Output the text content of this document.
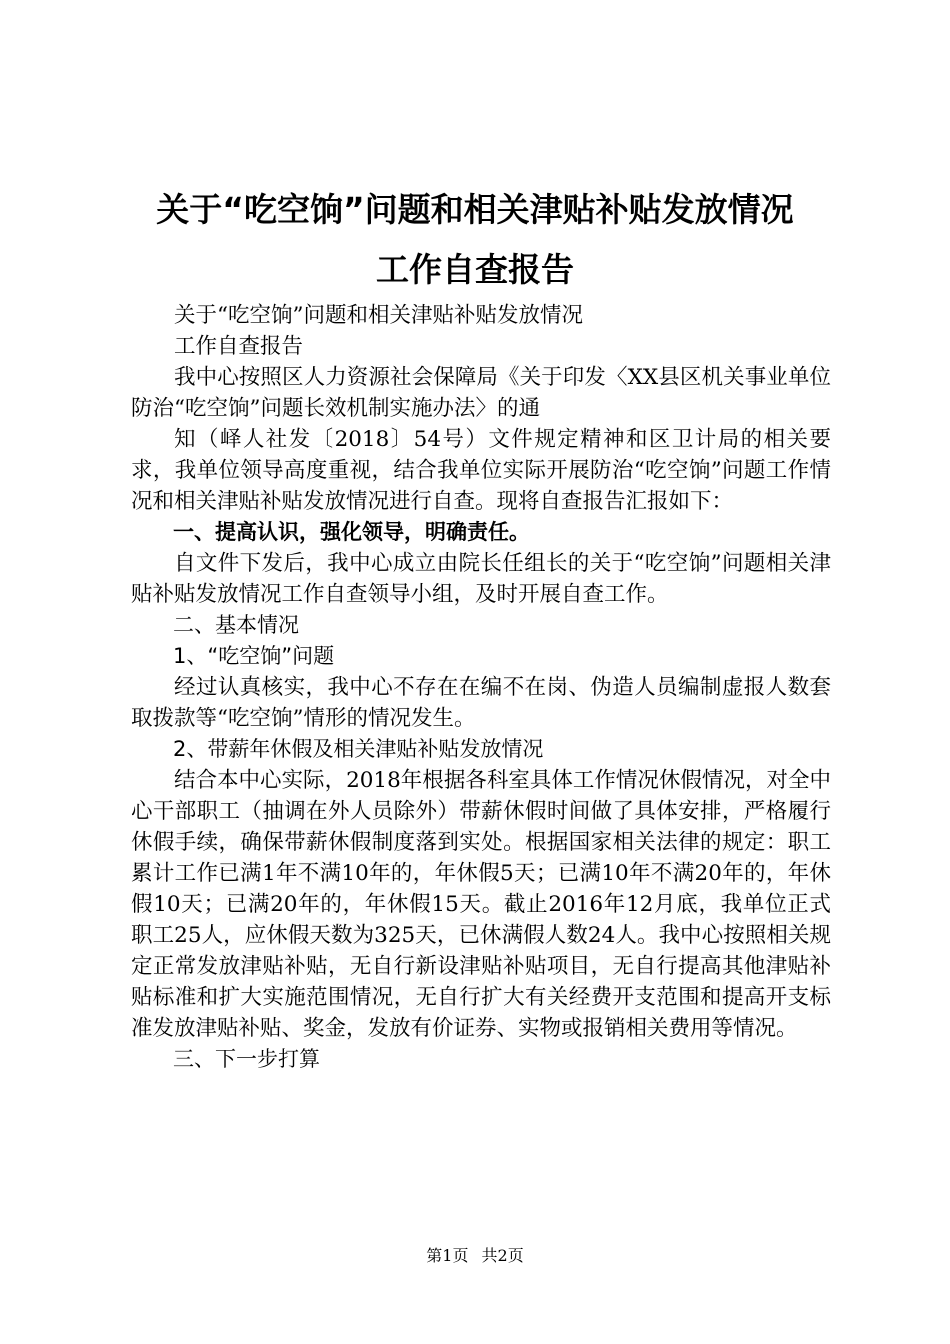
关于“吃空饷”问题和相关津贴补贴发放情况
工作自查报告

关于“吃空饷”问题和相关津贴补贴发放情况

工作自查报告

我中心按照区人力资源社会保障局《关于印发〈XX县区机关事业单位防治“吃空饷”问题长效机制实施办法〉的通

知（峄人社发〔2018〕54号）文件规定精神和区卫计局的相关要求，我单位领导高度重视，结合我单位实际开展防治“吃空饷”问题工作情况和相关津贴补贴发放情况进行自查。现将自查报告汇报如下：

一、提高认识，强化领导，明确责任。

自文件下发后，我中心成立由院长任组长的关于“吃空饷”问题相关津贴补贴发放情况工作自查领导小组，及时开展自查工作。

二、基本情况

1、“吃空饷”问题

经过认真核实，我中心不存在在编不在岗、伪造人员编制虚报人数套取拨款等“吃空饷”情形的情况发生。

2、带薪年休假及相关津贴补贴发放情况

结合本中心实际，2018年根据各科室具体工作情况休假情况，对全中心干部职工（抽调在外人员除外）带薪休假时间做了具体安排，严格履行休假手续，确保带薪休假制度落到实处。根据国家相关法律的规定：职工累计工作已满1年不满10年的，年休假5天；已满10年不满20年的，年休假10天；已满20年的，年休假15天。截止2016年12月底，我单位正式职工25人，应休假天数为325天，已休满假人数24人。我中心按照相关规定正常发放津贴补贴，无自行新设津贴补贴项目，无自行提高其他津贴补贴标准和扩大实施范围情况，无自行扩大有关经费开支范围和提高开支标准发放津贴补贴、奖金，发放有价证券、实物或报销相关费用等情况。

三、下一步打算

第1页 共2页
